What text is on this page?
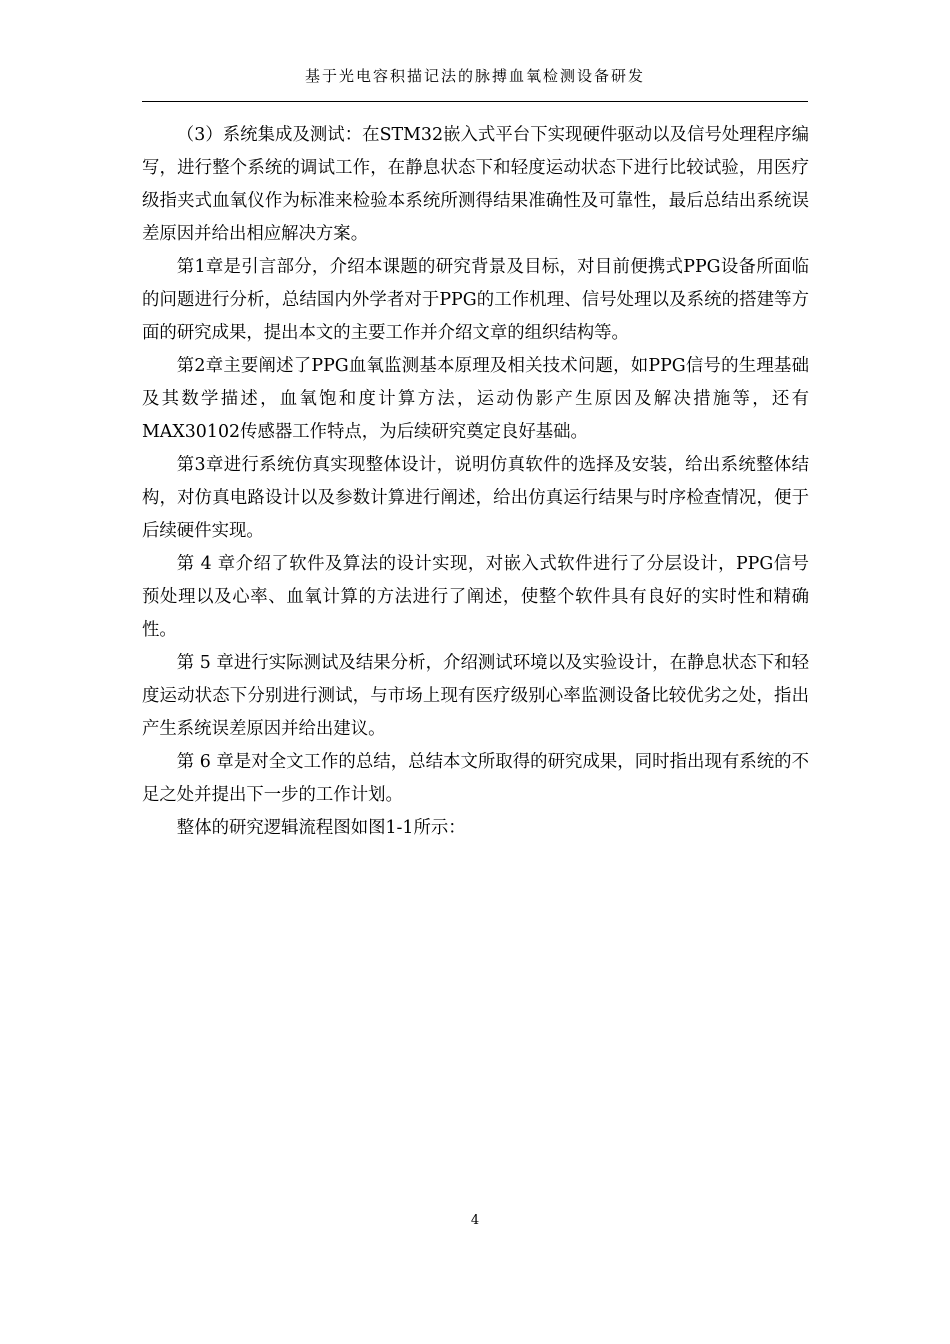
基于光电容积描记法的脉搏血氧检测设备研发

（3）系统集成及测试：在STM32嵌入式平台下实现硬件驱动以及信号处理程序编写，进行整个系统的调试工作，在静息状态下和轻度运动状态下进行比较试验，用医疗级指夹式血氧仪作为标准来检验本系统所测得结果准确性及可靠性，最后总结出系统误差原因并给出相应解决方案。

第1章是引言部分，介绍本课题的研究背景及目标，对目前便携式PPG设备所面临的问题进行分析，总结国内外学者对于PPG的工作机理、信号处理以及系统的搭建等方面的研究成果，提出本文的主要工作并介绍文章的组织结构等。

第2章主要阐述了PPG血氧监测基本原理及相关技术问题，如PPG信号的生理基础及其数学描述，血氧饱和度计算方法，运动伪影产生原因及解决措施等，还有MAX30102传感器工作特点，为后续研究奠定良好基础。

第3章进行系统仿真实现整体设计，说明仿真软件的选择及安装，给出系统整体结构，对仿真电路设计以及参数计算进行阐述，给出仿真运行结果与时序检查情况，便于后续硬件实现。

第 4 章介绍了软件及算法的设计实现，对嵌入式软件进行了分层设计，PPG信号预处理以及心率、血氧计算的方法进行了阐述，使整个软件具有良好的实时性和精确性。

第 5 章进行实际测试及结果分析，介绍测试环境以及实验设计，在静息状态下和轻度运动状态下分别进行测试，与市场上现有医疗级别心率监测设备比较优劣之处，指出产生系统误差原因并给出建议。

第 6 章是对全文工作的总结，总结本文所取得的研究成果，同时指出现有系统的不足之处并提出下一步的工作计划。

整体的研究逻辑流程图如图1-1所示：

4
